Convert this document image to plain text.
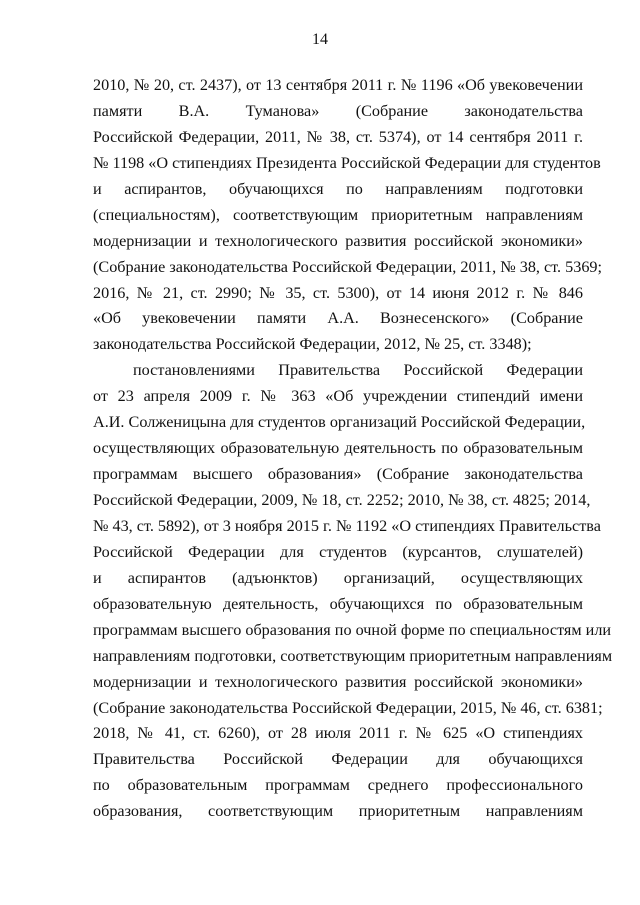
14
2010, № 20, ст. 2437), от 13 сентября 2011 г. № 1196 «Об увековечении
памяти В.А. Туманова» (Собрание законодательства
Российской Федерации, 2011, № 38, ст. 5374), от 14 сентября 2011 г.
№ 1198 «О стипендиях Президента Российской Федерации для студентов
и аспирантов, обучающихся по направлениям подготовки
(специальностям), соответствующим приоритетным направлениям
модернизации и технологического развития российской экономики»
(Собрание законодательства Российской Федерации, 2011, № 38, ст. 5369;
2016, № 21, ст. 2990; № 35, ст. 5300), от 14 июня 2012 г. № 846
«Об увековечении памяти А.А. Вознесенского» (Собрание
законодательства Российской Федерации, 2012, № 25, ст. 3348);
постановлениями Правительства Российской Федерации
от 23 апреля 2009 г. № 363 «Об учреждении стипендий имени
А.И. Солженицына для студентов организаций Российской Федерации,
осуществляющих образовательную деятельность по образовательным
программам высшего образования» (Собрание законодательства
Российской Федерации, 2009, № 18, ст. 2252; 2010, № 38, ст. 4825; 2014,
№ 43, ст. 5892), от 3 ноября 2015 г. № 1192 «О стипендиях Правительства
Российской Федерации для студентов (курсантов, слушателей)
и аспирантов (адъюнктов) организаций, осуществляющих
образовательную деятельность, обучающихся по образовательным
программам высшего образования по очной форме по специальностям или
направлениям подготовки, соответствующим приоритетным направлениям
модернизации и технологического развития российской экономики»
(Собрание законодательства Российской Федерации, 2015, № 46, ст. 6381;
2018, № 41, ст. 6260), от 28 июля 2011 г. № 625 «О стипендиях
Правительства Российской Федерации для обучающихся
по образовательным программам среднего профессионального
образования, соответствующим приоритетным направлениям
